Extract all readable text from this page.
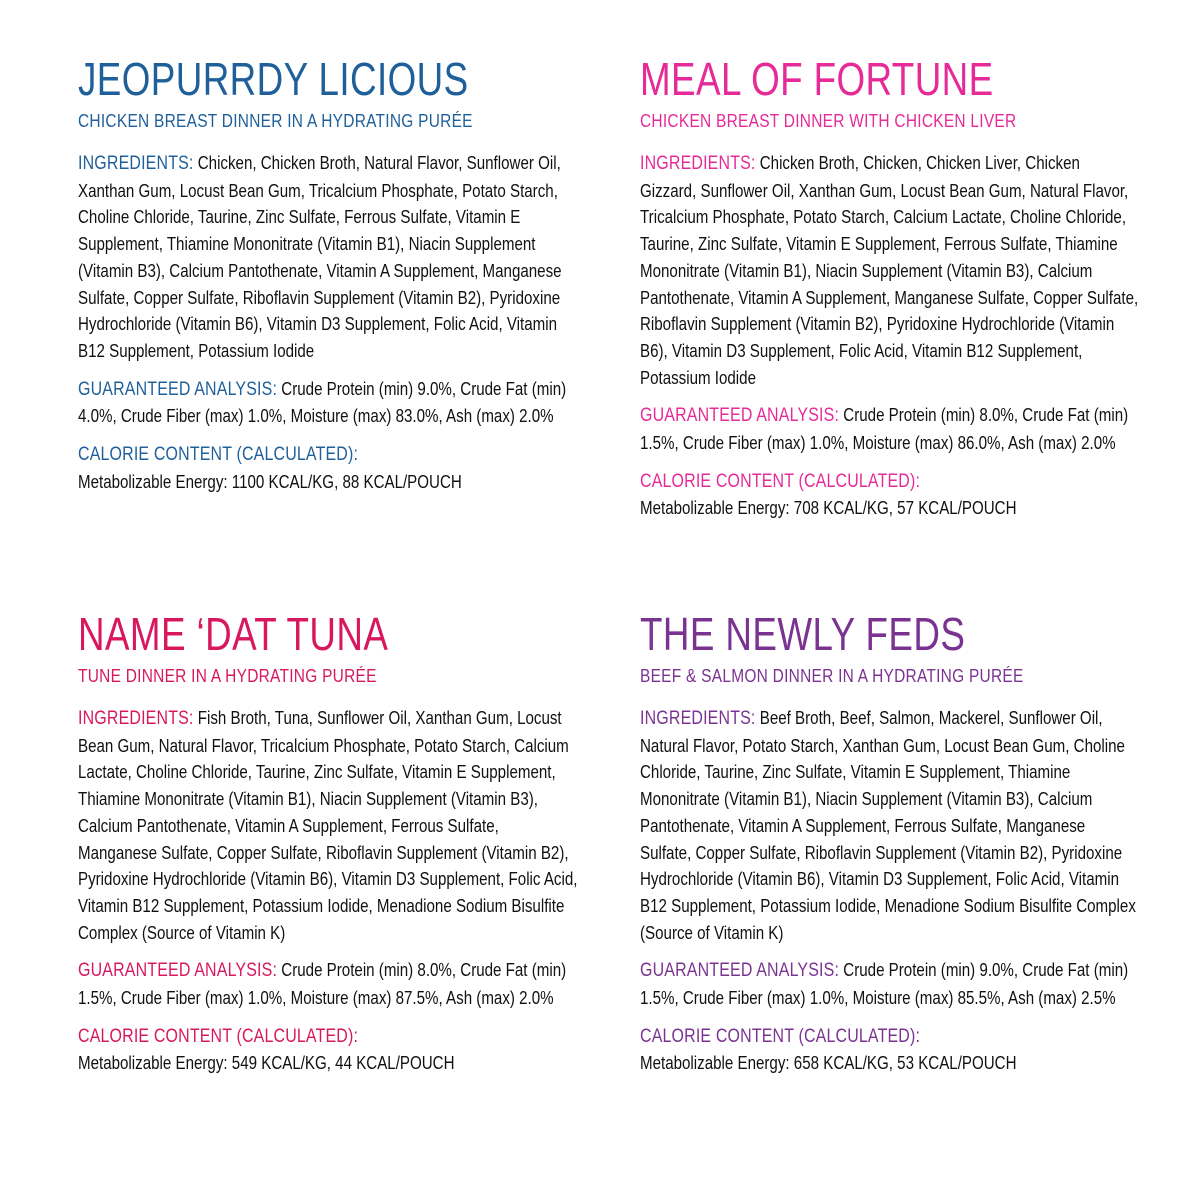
JEOPURRDY LICIOUS
CHICKEN BREAST DINNER IN A HYDRATING PURÉE

INGREDIENTS: Chicken, Chicken Broth, Natural Flavor, Sunflower Oil, Xanthan Gum, Locust Bean Gum, Tricalcium Phosphate, Potato Starch, Choline Chloride, Taurine, Zinc Sulfate, Ferrous Sulfate, Vitamin E Supplement, Thiamine Mononitrate (Vitamin B1), Niacin Supplement (Vitamin B3), Calcium Pantothenate, Vitamin A Supplement, Manganese Sulfate, Copper Sulfate, Riboflavin Supplement (Vitamin B2), Pyridoxine Hydrochloride (Vitamin B6), Vitamin D3 Supplement, Folic Acid, Vitamin B12 Supplement, Potassium Iodide

GUARANTEED ANALYSIS: Crude Protein (min) 9.0%, Crude Fat (min) 4.0%, Crude Fiber (max) 1.0%, Moisture (max) 83.0%, Ash (max) 2.0%

CALORIE CONTENT (CALCULATED):
Metabolizable Energy: 1100 KCAL/KG, 88 KCAL/POUCH

MEAL OF FORTUNE
CHICKEN BREAST DINNER WITH CHICKEN LIVER

INGREDIENTS: Chicken Broth, Chicken, Chicken Liver, Chicken Gizzard, Sunflower Oil, Xanthan Gum, Locust Bean Gum, Natural Flavor, Tricalcium Phosphate, Potato Starch, Calcium Lactate, Choline Chloride, Taurine, Zinc Sulfate, Vitamin E Supplement, Ferrous Sulfate, Thiamine Mononitrate (Vitamin B1), Niacin Supplement (Vitamin B3), Calcium Pantothenate, Vitamin A Supplement, Manganese Sulfate, Copper Sulfate, Riboflavin Supplement (Vitamin B2), Pyridoxine Hydrochloride (Vitamin B6), Vitamin D3 Supplement, Folic Acid, Vitamin B12 Supplement, Potassium Iodide

GUARANTEED ANALYSIS: Crude Protein (min) 8.0%, Crude Fat (min) 1.5%, Crude Fiber (max) 1.0%, Moisture (max) 86.0%, Ash (max) 2.0%

CALORIE CONTENT (CALCULATED):
Metabolizable Energy: 708 KCAL/KG, 57 KCAL/POUCH

NAME ‘DAT TUNA
TUNE DINNER IN A HYDRATING PURÉE

INGREDIENTS: Fish Broth, Tuna, Sunflower Oil, Xanthan Gum, Locust Bean Gum, Natural Flavor, Tricalcium Phosphate, Potato Starch, Calcium Lactate, Choline Chloride, Taurine, Zinc Sulfate, Vitamin E Supplement, Thiamine Mononitrate (Vitamin B1), Niacin Supplement (Vitamin B3), Calcium Pantothenate, Vitamin A Supplement, Ferrous Sulfate, Manganese Sulfate, Copper Sulfate, Riboflavin Supplement (Vitamin B2), Pyridoxine Hydrochloride (Vitamin B6), Vitamin D3 Supplement, Folic Acid, Vitamin B12 Supplement, Potassium Iodide, Menadione Sodium Bisulfite Complex (Source of Vitamin K)

GUARANTEED ANALYSIS: Crude Protein (min) 8.0%, Crude Fat (min) 1.5%, Crude Fiber (max) 1.0%, Moisture (max) 87.5%, Ash (max) 2.0%

CALORIE CONTENT (CALCULATED):
Metabolizable Energy: 549 KCAL/KG, 44 KCAL/POUCH

THE NEWLY FEDS
BEEF & SALMON DINNER IN A HYDRATING PURÉE

INGREDIENTS: Beef Broth, Beef, Salmon, Mackerel, Sunflower Oil, Natural Flavor, Potato Starch, Xanthan Gum, Locust Bean Gum, Choline Chloride, Taurine, Zinc Sulfate, Vitamin E Supplement, Thiamine Mononitrate (Vitamin B1), Niacin Supplement (Vitamin B3), Calcium Pantothenate, Vitamin A Supplement, Ferrous Sulfate, Manganese Sulfate, Copper Sulfate, Riboflavin Supplement (Vitamin B2), Pyridoxine Hydrochloride (Vitamin B6), Vitamin D3 Supplement, Folic Acid, Vitamin B12 Supplement, Potassium Iodide, Menadione Sodium Bisulfite Complex (Source of Vitamin K)

GUARANTEED ANALYSIS: Crude Protein (min) 9.0%, Crude Fat (min) 1.5%, Crude Fiber (max) 1.0%, Moisture (max) 85.5%, Ash (max) 2.5%

CALORIE CONTENT (CALCULATED):
Metabolizable Energy: 658 KCAL/KG, 53 KCAL/POUCH
